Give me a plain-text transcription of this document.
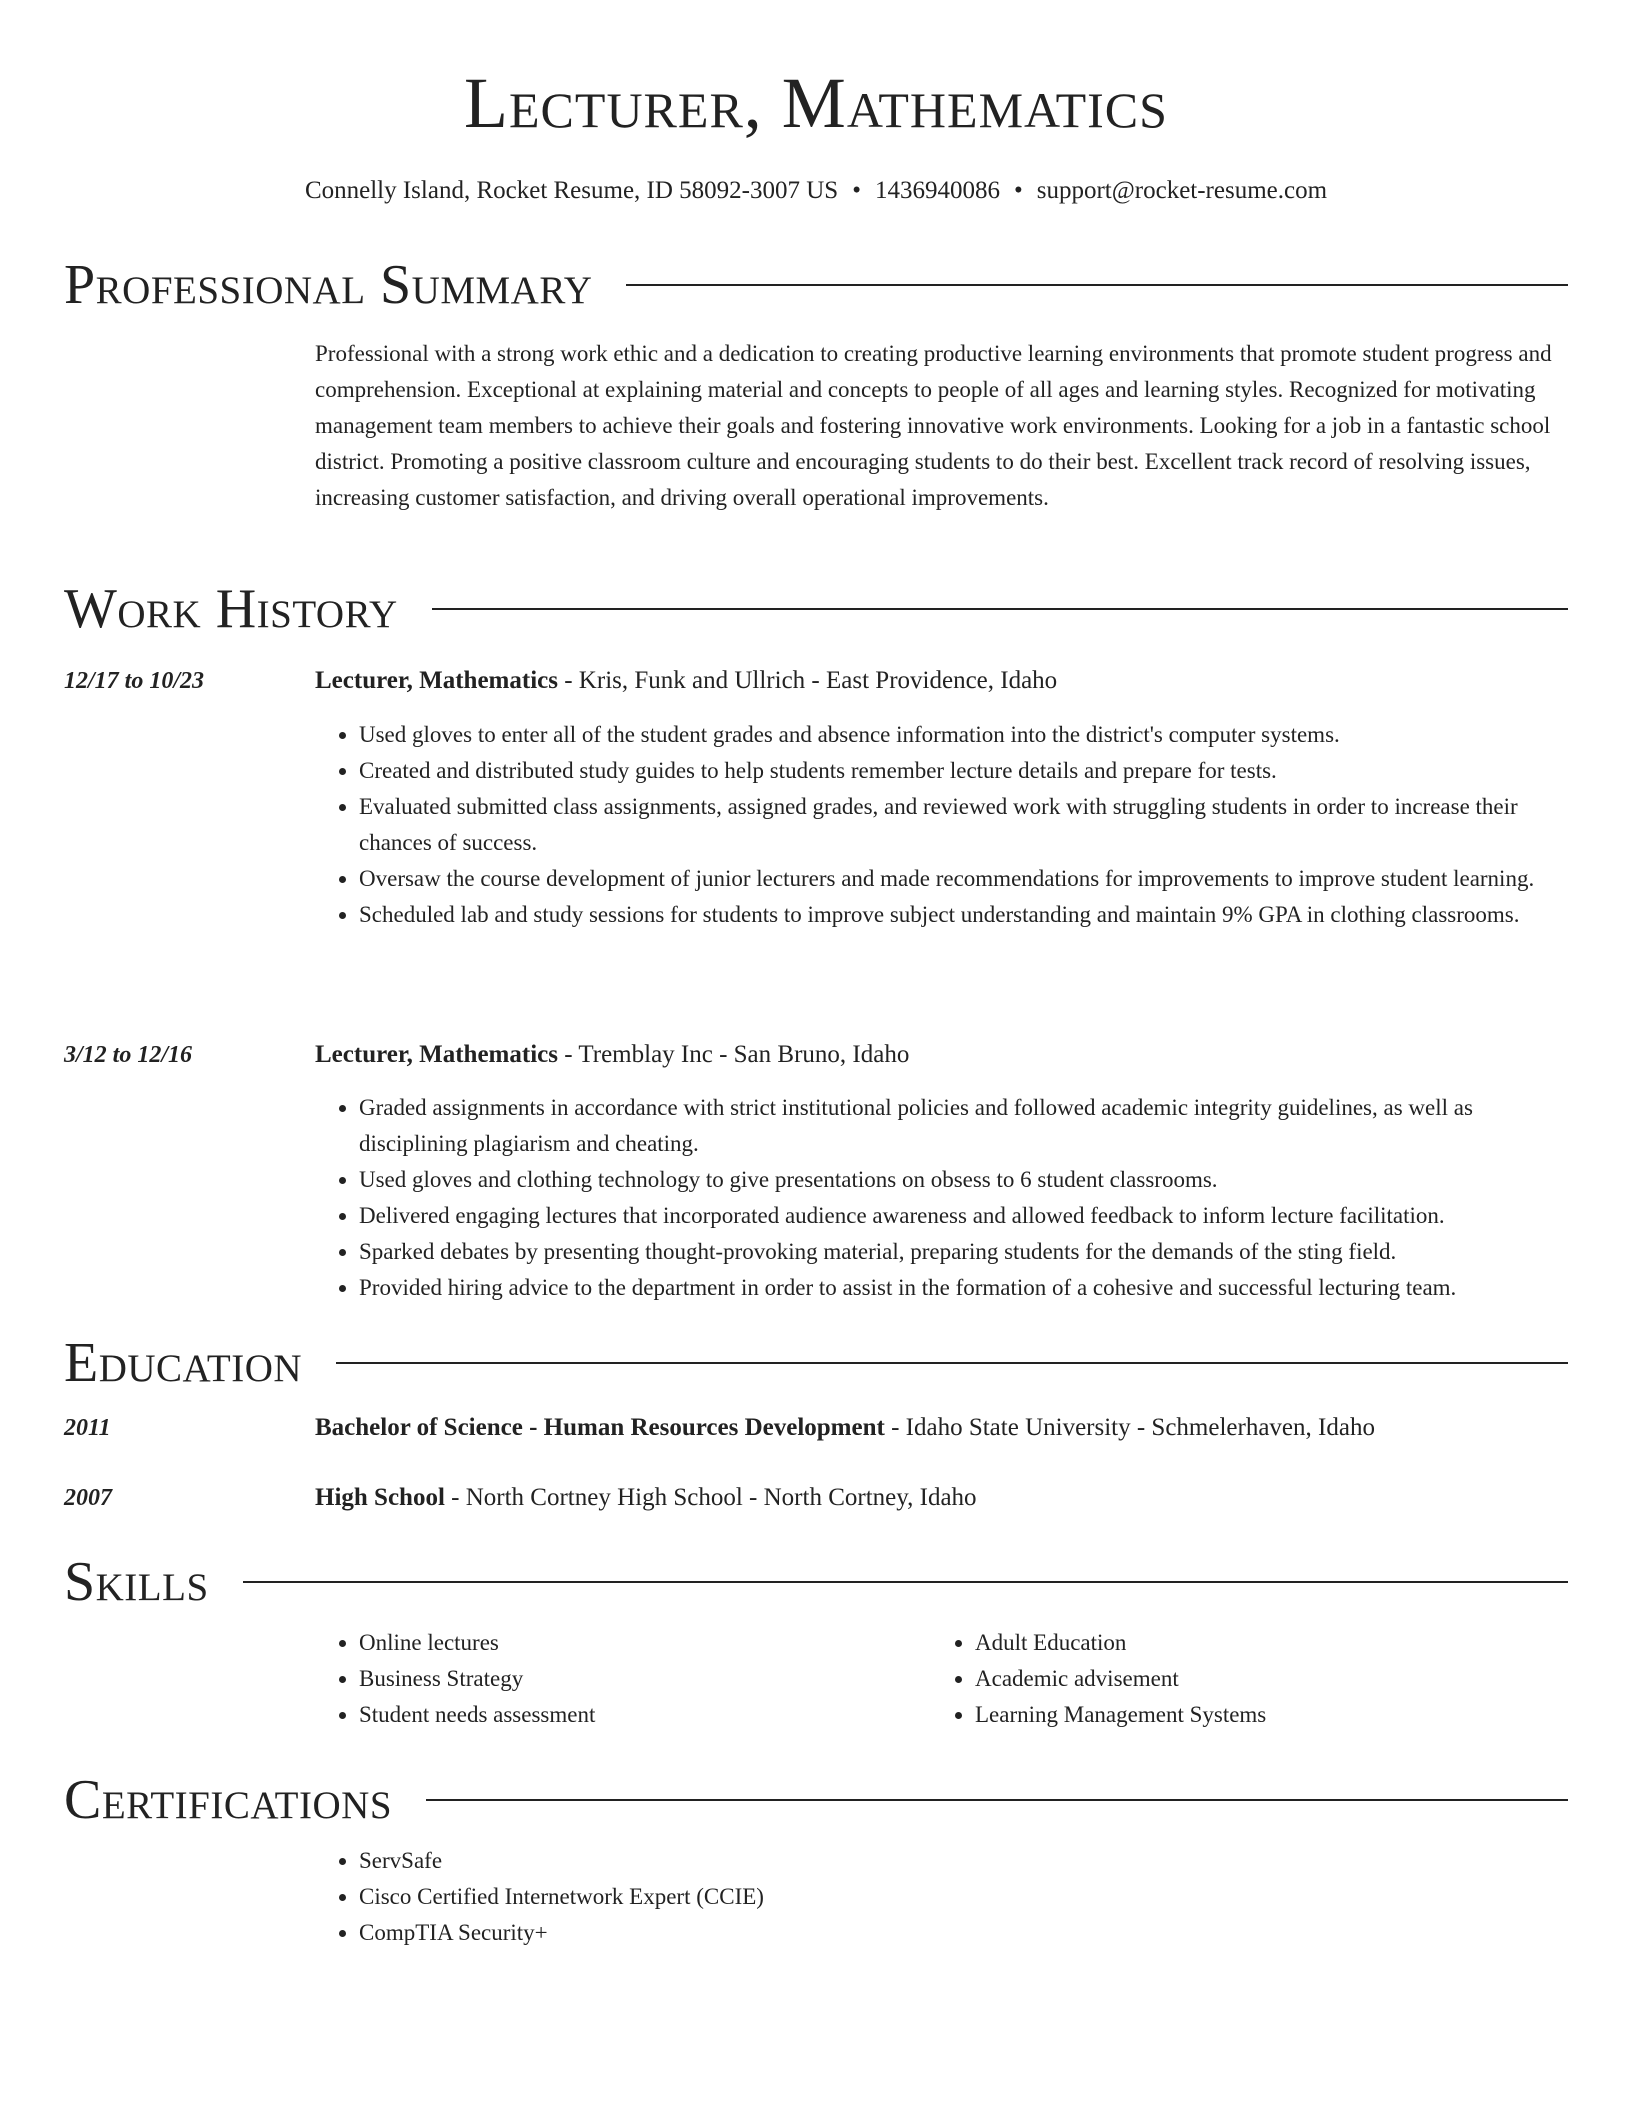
Lecturer, Mathematics
Connelly Island, Rocket Resume, ID 58092-3007 US • 1436940086 • support@rocket-resume.com
Professional Summary
Professional with a strong work ethic and a dedication to creating productive learning environments that promote student progress and comprehension. Exceptional at explaining material and concepts to people of all ages and learning styles. Recognized for motivating management team members to achieve their goals and fostering innovative work environments. Looking for a job in a fantastic school district. Promoting a positive classroom culture and encouraging students to do their best. Excellent track record of resolving issues, increasing customer satisfaction, and driving overall operational improvements.
Work History
12/17 to 10/23	Lecturer, Mathematics - Kris, Funk and Ullrich - East Providence, Idaho
• Used gloves to enter all of the student grades and absence information into the district's computer systems.
• Created and distributed study guides to help students remember lecture details and prepare for tests.
• Evaluated submitted class assignments, assigned grades, and reviewed work with struggling students in order to increase their chances of success.
• Oversaw the course development of junior lecturers and made recommendations for improvements to improve student learning.
• Scheduled lab and study sessions for students to improve subject understanding and maintain 9% GPA in clothing classrooms.
3/12 to 12/16	Lecturer, Mathematics - Tremblay Inc - San Bruno, Idaho
• Graded assignments in accordance with strict institutional policies and followed academic integrity guidelines, as well as disciplining plagiarism and cheating.
• Used gloves and clothing technology to give presentations on obsess to 6 student classrooms.
• Delivered engaging lectures that incorporated audience awareness and allowed feedback to inform lecture facilitation.
• Sparked debates by presenting thought-provoking material, preparing students for the demands of the sting field.
• Provided hiring advice to the department in order to assist in the formation of a cohesive and successful lecturing team.
Education
2011	Bachelor of Science - Human Resources Development - Idaho State University - Schmelerhaven, Idaho
2007	High School - North Cortney High School - North Cortney, Idaho
Skills
• Online lectures
• Business Strategy
• Student needs assessment
• Adult Education
• Academic advisement
• Learning Management Systems
Certifications
• ServSafe
• Cisco Certified Internetwork Expert (CCIE)
• CompTIA Security+
